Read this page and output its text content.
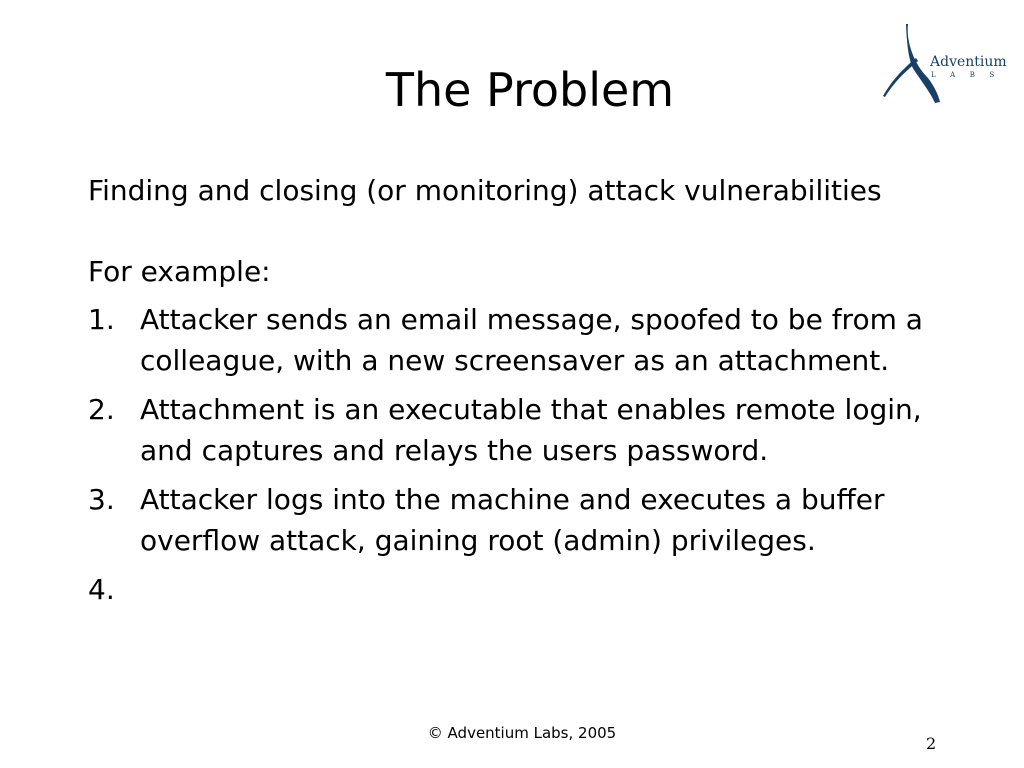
The Problem
Adventium
LABS

Finding and closing (or monitoring) attack vulnerabilities

For example:

1. Attacker sends an email message, spoofed to be from a colleague, with a new screensaver as an attachment.
2. Attachment is an executable that enables remote login, and captures and relays the users password.
3. Attacker logs into the machine and executes a buffer overflow attack, gaining root (admin) privileges.
4.
© Adventium Labs, 2005
2
